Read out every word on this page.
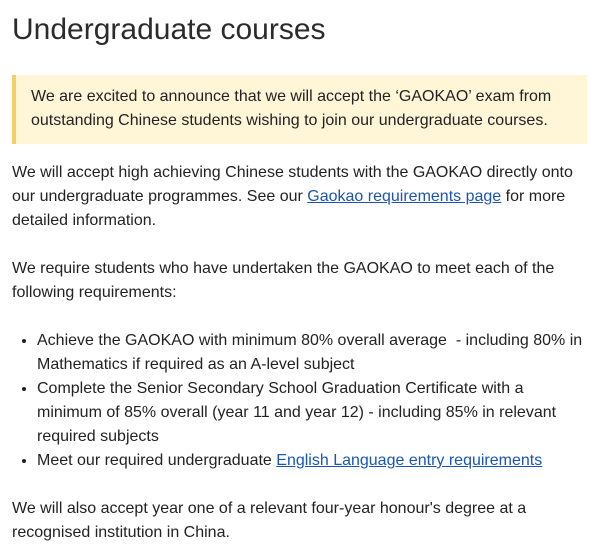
Undergraduate courses
We are excited to announce that we will accept the ‘GAOKAO’ exam from outstanding Chinese students wishing to join our undergraduate courses.

We will accept high achieving Chinese students with the GAOKAO directly onto our undergraduate programmes. See our Gaokao requirements page for more detailed information.

We require students who have undertaken the GAOKAO to meet each of the following requirements:

• Achieve the GAOKAO with minimum 80% overall average  - including 80% in Mathematics if required as an A-level subject
• Complete the Senior Secondary School Graduation Certificate with a minimum of 85% overall (year 11 and year 12) - including 85% in relevant required subjects
• Meet our required undergraduate English Language entry requirements

We will also accept year one of a relevant four-year honour's degree at a recognised institution in China.
